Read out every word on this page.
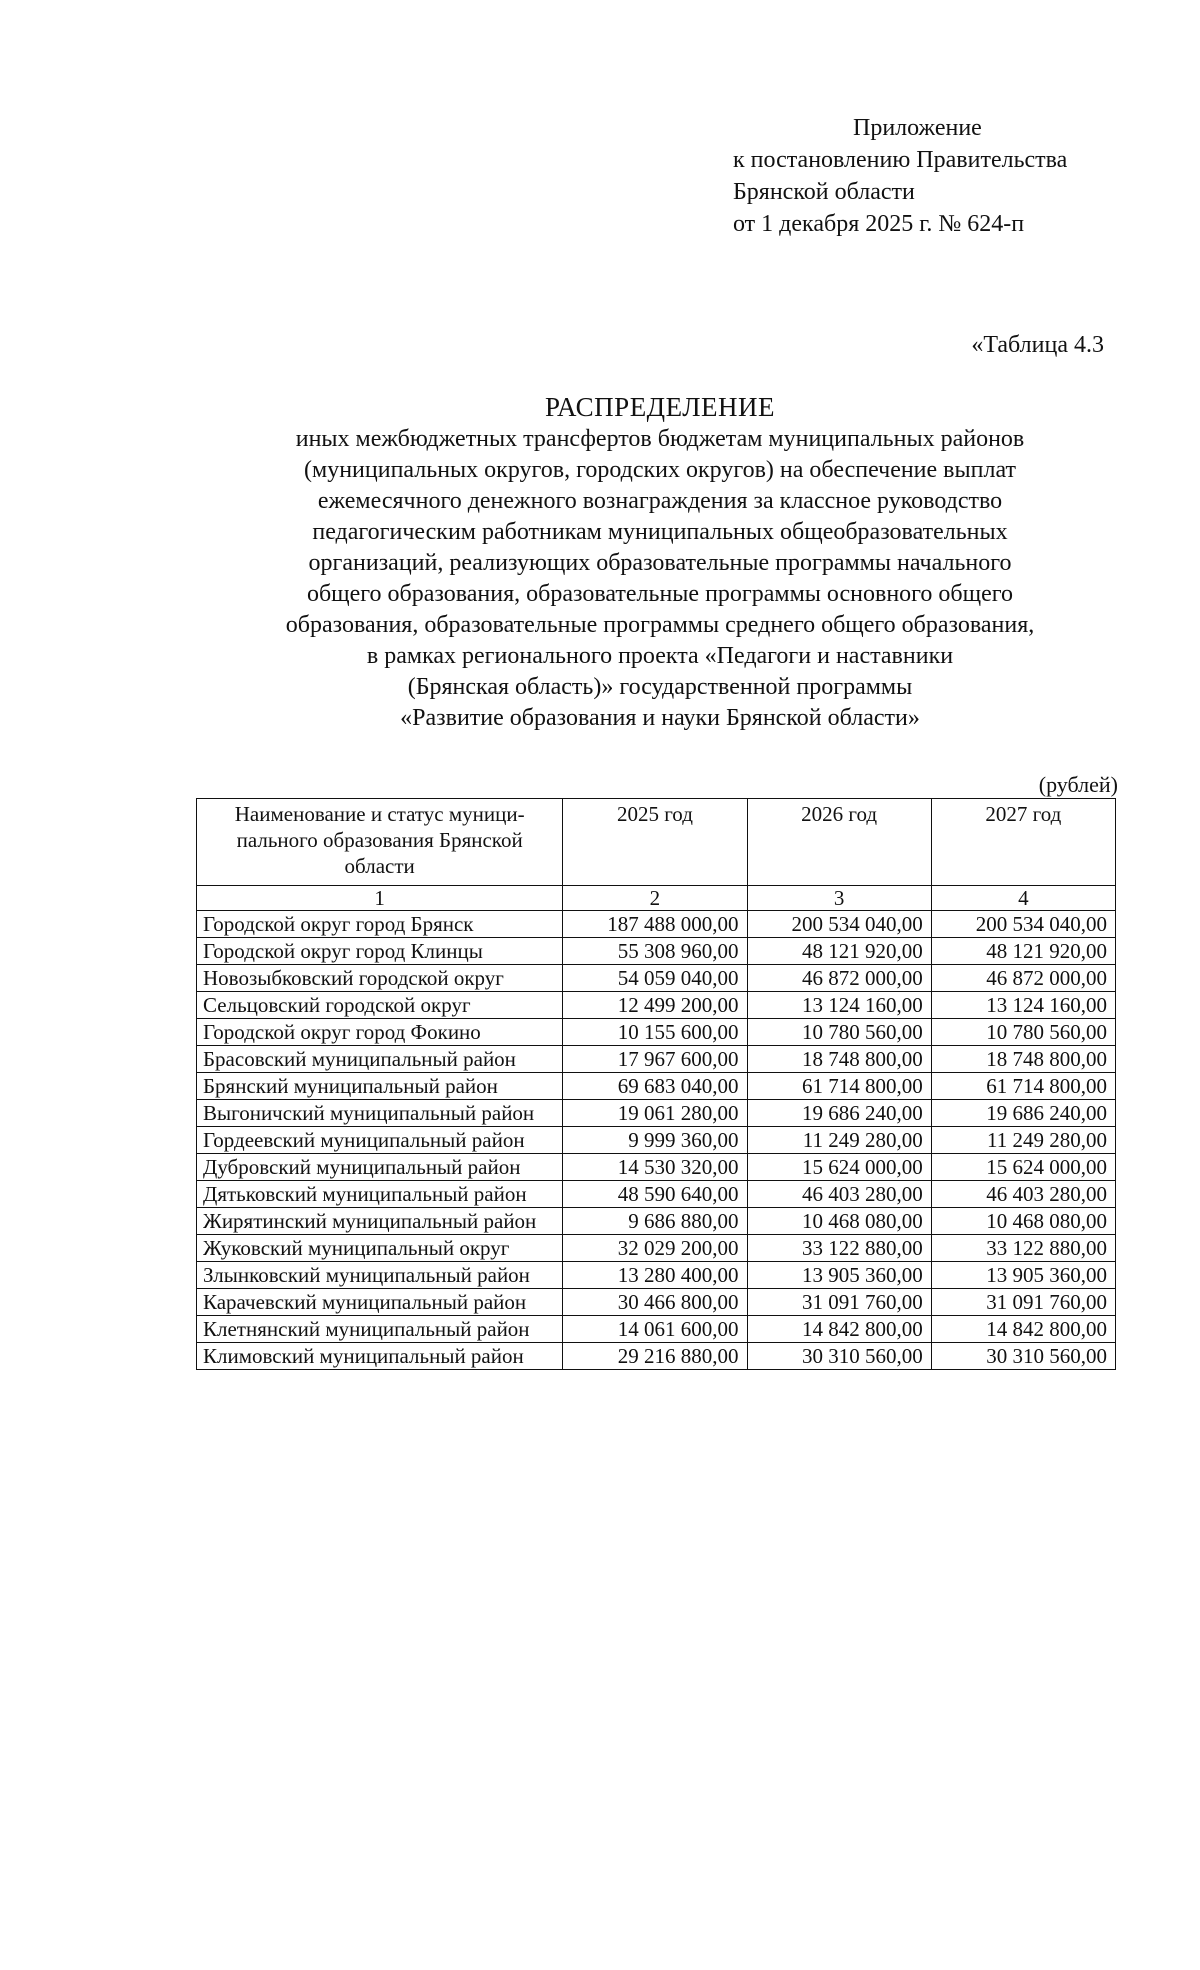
Приложение
к постановлению Правительства
Брянской области
от 1 декабря 2025 г. № 624-п
«Таблица 4.3
РАСПРЕДЕЛЕНИЕ
иных межбюджетных трансфертов бюджетам муниципальных районов
(муниципальных округов, городских округов) на обеспечение выплат
ежемесячного денежного вознаграждения за классное руководство
педагогическим работникам муниципальных общеобразовательных
организаций, реализующих образовательные программы начального
общего образования, образовательные программы основного общего
образования, образовательные программы среднего общего образования,
в рамках регионального проекта «Педагоги и наставники
(Брянская область)» государственной программы
«Развитие образования и науки Брянской области»
(рублей)
Наименование и статус муници-пального образования Брянской области	2025 год	2026 год	2027 год
1	2	3	4
Городской округ город Брянск	187 488 000,00	200 534 040,00	200 534 040,00
Городской округ город Клинцы	55 308 960,00	48 121 920,00	48 121 920,00
Новозыбковский городской округ	54 059 040,00	46 872 000,00	46 872 000,00
Сельцовский городской округ	12 499 200,00	13 124 160,00	13 124 160,00
Городской округ город Фокино	10 155 600,00	10 780 560,00	10 780 560,00
Брасовский муниципальный район	17 967 600,00	18 748 800,00	18 748 800,00
Брянский муниципальный район	69 683 040,00	61 714 800,00	61 714 800,00
Выгоничский муниципальный район	19 061 280,00	19 686 240,00	19 686 240,00
Гордеевский муниципальный район	9 999 360,00	11 249 280,00	11 249 280,00
Дубровский муниципальный район	14 530 320,00	15 624 000,00	15 624 000,00
Дятьковский муниципальный район	48 590 640,00	46 403 280,00	46 403 280,00
Жирятинский муниципальный район	9 686 880,00	10 468 080,00	10 468 080,00
Жуковский муниципальный округ	32 029 200,00	33 122 880,00	33 122 880,00
Злынковский муниципальный район	13 280 400,00	13 905 360,00	13 905 360,00
Карачевский муниципальный район	30 466 800,00	31 091 760,00	31 091 760,00
Клетнянский муниципальный район	14 061 600,00	14 842 800,00	14 842 800,00
Климовский муниципальный район	29 216 880,00	30 310 560,00	30 310 560,00
